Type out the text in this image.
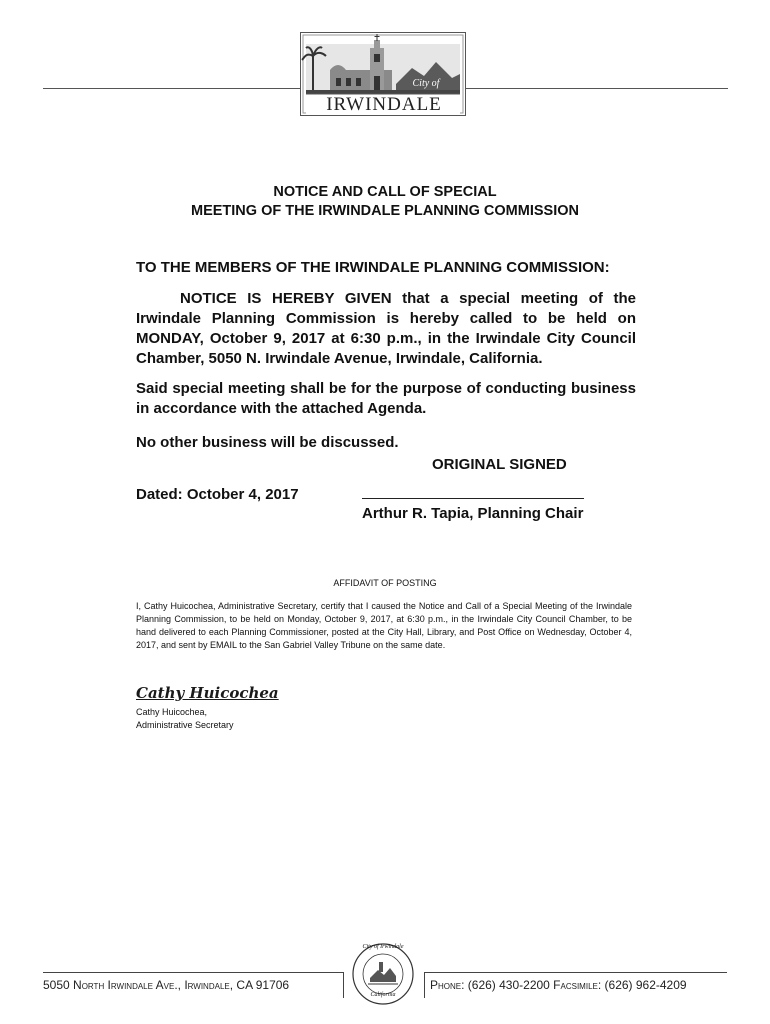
City of
IRWINDALE
NOTICE AND CALL OF SPECIAL
MEETING OF THE IRWINDALE PLANNING COMMISSION
TO THE MEMBERS OF THE IRWINDALE PLANNING COMMISSION:
NOTICE IS HEREBY GIVEN that a special meeting of the Irwindale Planning Commission is hereby called to be held on MONDAY, October 9, 2017 at 6:30 p.m., in the Irwindale City Council Chamber, 5050 N. Irwindale Avenue, Irwindale, California.
Said special meeting shall be for the purpose of conducting business in accordance with the attached Agenda.
No other business will be discussed.
ORIGINAL SIGNED
Dated: October 4, 2017
Arthur R. Tapia, Planning Chair
AFFIDAVIT OF POSTING
I, Cathy Huicochea, Administrative Secretary, certify that I caused the Notice and Call of a Special Meeting of the Irwindale Planning Commission, to be held on Monday, October 9, 2017, at 6:30 p.m., in the Irwindale City Council Chamber, to be hand delivered to each Planning Commissioner, posted at the City Hall, Library, and Post Office on Wednesday, October 4, 2017, and sent by EMAIL to the San Gabriel Valley Tribune on the same date.
Cathy Huicochea
Cathy Huicochea,
Administrative Secretary
5050 North Irwindale Ave., Irwindale, CA 91706
City of Irwindale
California
Phone: (626) 430-2200 Facsimile: (626) 962-4209
